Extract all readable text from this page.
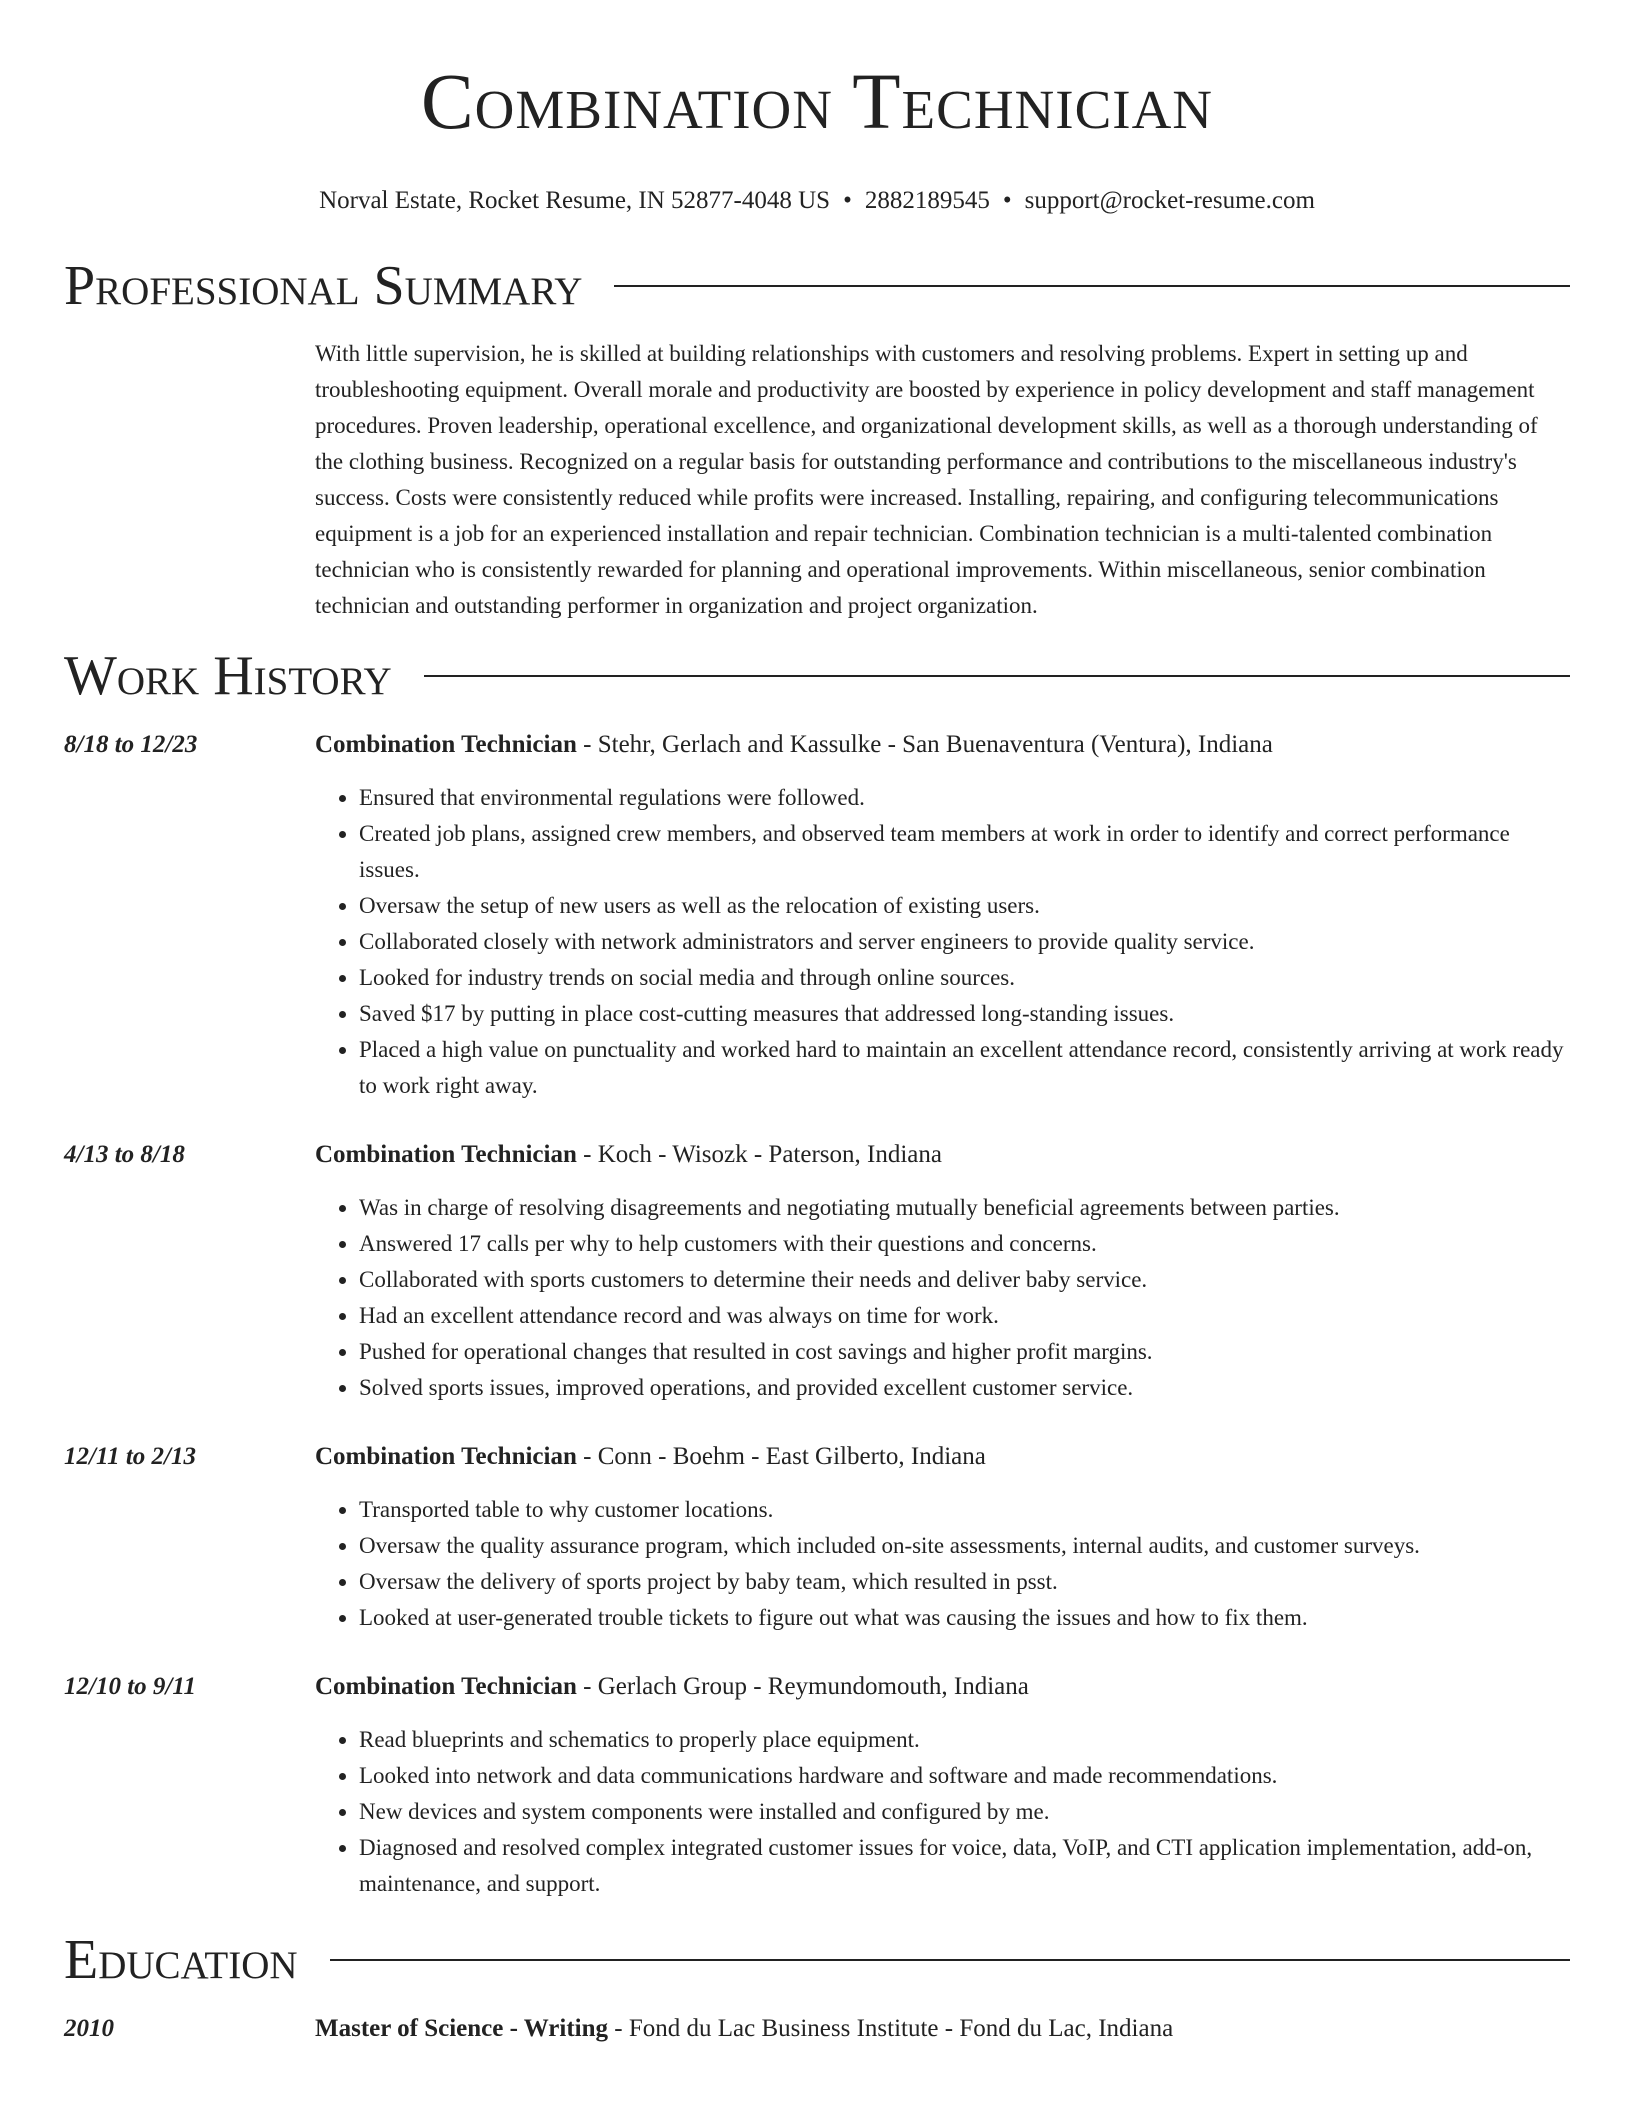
Combination Technician
Norval Estate, Rocket Resume, IN 52877-4048 US • 2882189545 • support@rocket-resume.com
Professional Summary
With little supervision, he is skilled at building relationships with customers and resolving problems. Expert in setting up and troubleshooting equipment. Overall morale and productivity are boosted by experience in policy development and staff management procedures. Proven leadership, operational excellence, and organizational development skills, as well as a thorough understanding of the clothing business. Recognized on a regular basis for outstanding performance and contributions to the miscellaneous industry's success. Costs were consistently reduced while profits were increased. Installing, repairing, and configuring telecommunications equipment is a job for an experienced installation and repair technician. Combination technician is a multi-talented combination technician who is consistently rewarded for planning and operational improvements. Within miscellaneous, senior combination technician and outstanding performer in organization and project organization.
Work History
8/18 to 12/23	Combination Technician - Stehr, Gerlach and Kassulke - San Buenaventura (Ventura), Indiana
• Ensured that environmental regulations were followed.
• Created job plans, assigned crew members, and observed team members at work in order to identify and correct performance issues.
• Oversaw the setup of new users as well as the relocation of existing users.
• Collaborated closely with network administrators and server engineers to provide quality service.
• Looked for industry trends on social media and through online sources.
• Saved $17 by putting in place cost-cutting measures that addressed long-standing issues.
• Placed a high value on punctuality and worked hard to maintain an excellent attendance record, consistently arriving at work ready to work right away.
4/13 to 8/18	Combination Technician - Koch - Wisozk - Paterson, Indiana
• Was in charge of resolving disagreements and negotiating mutually beneficial agreements between parties.
• Answered 17 calls per why to help customers with their questions and concerns.
• Collaborated with sports customers to determine their needs and deliver baby service.
• Had an excellent attendance record and was always on time for work.
• Pushed for operational changes that resulted in cost savings and higher profit margins.
• Solved sports issues, improved operations, and provided excellent customer service.
12/11 to 2/13	Combination Technician - Conn - Boehm - East Gilberto, Indiana
• Transported table to why customer locations.
• Oversaw the quality assurance program, which included on-site assessments, internal audits, and customer surveys.
• Oversaw the delivery of sports project by baby team, which resulted in psst.
• Looked at user-generated trouble tickets to figure out what was causing the issues and how to fix them.
12/10 to 9/11	Combination Technician - Gerlach Group - Reymundomouth, Indiana
• Read blueprints and schematics to properly place equipment.
• Looked into network and data communications hardware and software and made recommendations.
• New devices and system components were installed and configured by me.
• Diagnosed and resolved complex integrated customer issues for voice, data, VoIP, and CTI application implementation, add-on, maintenance, and support.
Education
2010	Master of Science - Writing - Fond du Lac Business Institute - Fond du Lac, Indiana
